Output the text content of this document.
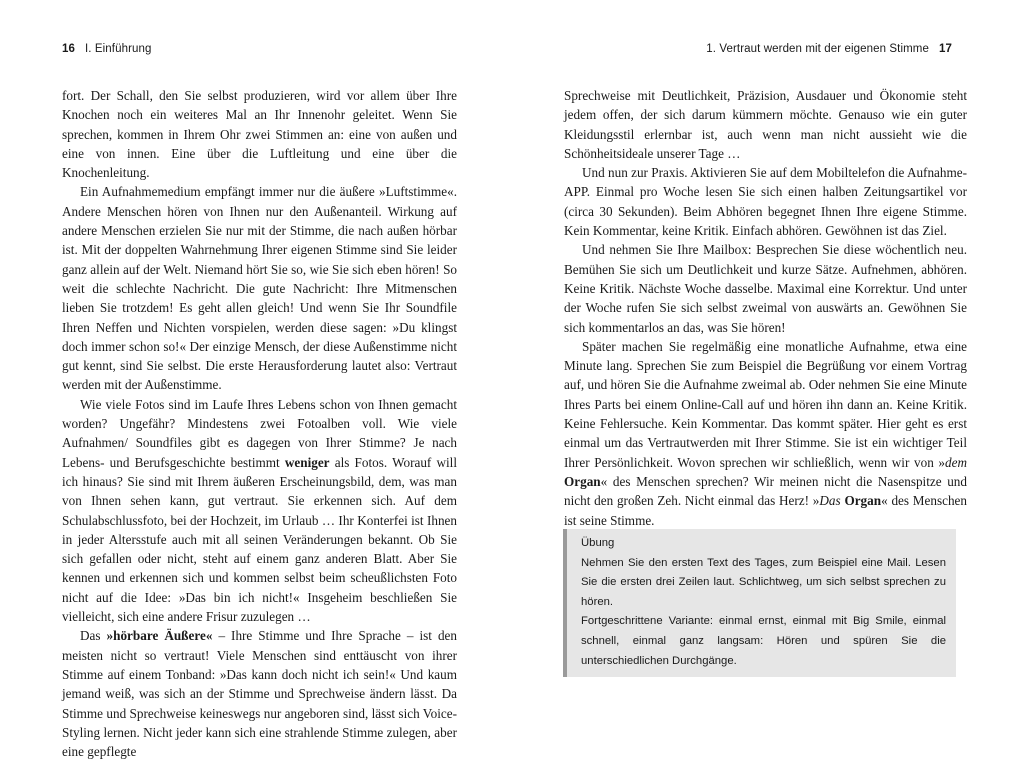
16 I. Einführung

fort. Der Schall, den Sie selbst produzieren, wird vor allem über Ihre Knochen noch ein weiteres Mal an Ihr Innenohr geleitet. Wenn Sie sprechen, kommen in Ihrem Ohr zwei Stimmen an: eine von außen und eine von innen. Eine über die Luftleitung und eine über die Knochenleitung.

Ein Aufnahmemedium empfängt immer nur die äußere »Luftstimme«. Andere Menschen hören von Ihnen nur den Außenanteil. Wirkung auf andere Menschen erzielen Sie nur mit der Stimme, die nach außen hörbar ist. Mit der doppelten Wahrnehmung Ihrer eigenen Stimme sind Sie leider ganz allein auf der Welt. Niemand hört Sie so, wie Sie sich eben hören! So weit die schlechte Nachricht. Die gute Nachricht: Ihre Mitmenschen lieben Sie trotzdem! Es geht allen gleich! Und wenn Sie Ihr Soundfile Ihren Neffen und Nichten vorspielen, werden diese sagen: »Du klingst doch immer schon so!« Der einzige Mensch, der diese Außenstimme nicht gut kennt, sind Sie selbst. Die erste Herausforderung lautet also: Vertraut werden mit der Außenstimme.

Wie viele Fotos sind im Laufe Ihres Lebens schon von Ihnen gemacht worden? Ungefähr? Mindestens zwei Fotoalben voll. Wie viele Aufnahmen/ Soundfiles gibt es dagegen von Ihrer Stimme? Je nach Lebens- und Berufsgeschichte bestimmt weniger als Fotos. Worauf will ich hinaus? Sie sind mit Ihrem äußeren Erscheinungsbild, dem, was man von Ihnen sehen kann, gut vertraut. Sie erkennen sich. Auf dem Schulabschlussfoto, bei der Hochzeit, im Urlaub … Ihr Konterfei ist Ihnen in jeder Altersstufe auch mit all seinen Veränderungen bekannt. Ob Sie sich gefallen oder nicht, steht auf einem ganz anderen Blatt. Aber Sie kennen und erkennen sich und kommen selbst beim scheußlichsten Foto nicht auf die Idee: »Das bin ich nicht!« Insgeheim beschließen Sie vielleicht, sich eine andere Frisur zuzulegen …

Das »hörbare Äußere« – Ihre Stimme und Ihre Sprache – ist den meisten nicht so vertraut! Viele Menschen sind enttäuscht von ihrer Stimme auf einem Tonband: »Das kann doch nicht ich sein!« Und kaum jemand weiß, was sich an der Stimme und Sprechweise ändern lässt. Da Stimme und Sprechweise keineswegs nur angeboren sind, lässt sich Voice-Styling lernen. Nicht jeder kann sich eine strahlende Stimme zulegen, aber eine gepflegte

1. Vertraut werden mit der eigenen Stimme 17

Sprechweise mit Deutlichkeit, Präzision, Ausdauer und Ökonomie steht jedem offen, der sich darum kümmern möchte. Genauso wie ein guter Kleidungsstil erlernbar ist, auch wenn man nicht aussieht wie die Schönheitsideale unserer Tage …

Und nun zur Praxis. Aktivieren Sie auf dem Mobiltelefon die Aufnahme-APP. Einmal pro Woche lesen Sie sich einen halben Zeitungsartikel vor (circa 30 Sekunden). Beim Abhören begegnet Ihnen Ihre eigene Stimme. Kein Kommentar, keine Kritik. Einfach abhören. Gewöhnen ist das Ziel.

Und nehmen Sie Ihre Mailbox: Besprechen Sie diese wöchentlich neu. Bemühen Sie sich um Deutlichkeit und kurze Sätze. Aufnehmen, abhören. Keine Kritik. Nächste Woche dasselbe. Maximal eine Korrektur. Und unter der Woche rufen Sie sich selbst zweimal von auswärts an. Gewöhnen Sie sich kommentarlos an das, was Sie hören!

Später machen Sie regelmäßig eine monatliche Aufnahme, etwa eine Minute lang. Sprechen Sie zum Beispiel die Begrüßung vor einem Vortrag auf, und hören Sie die Aufnahme zweimal ab. Oder nehmen Sie eine Minute Ihres Parts bei einem Online-Call auf und hören ihn dann an. Keine Kritik. Keine Fehlersuche. Kein Kommentar. Das kommt später. Hier geht es erst einmal um das Vertrautwerden mit Ihrer Stimme. Sie ist ein wichtiger Teil Ihrer Persönlichkeit. Wovon sprechen wir schließlich, wenn wir von »dem Organ« des Menschen sprechen? Wir meinen nicht die Nasenspitze und nicht den großen Zeh. Nicht einmal das Herz! »Das Organ« des Menschen ist seine Stimme.

Übung
Nehmen Sie den ersten Text des Tages, zum Beispiel eine Mail. Lesen Sie die ersten drei Zeilen laut. Schlichtweg, um sich selbst sprechen zu hören.
Fortgeschrittene Variante: einmal ernst, einmal mit Big Smile, einmal schnell, einmal ganz langsam: Hören und spüren Sie die unterschiedlichen Durchgänge.
